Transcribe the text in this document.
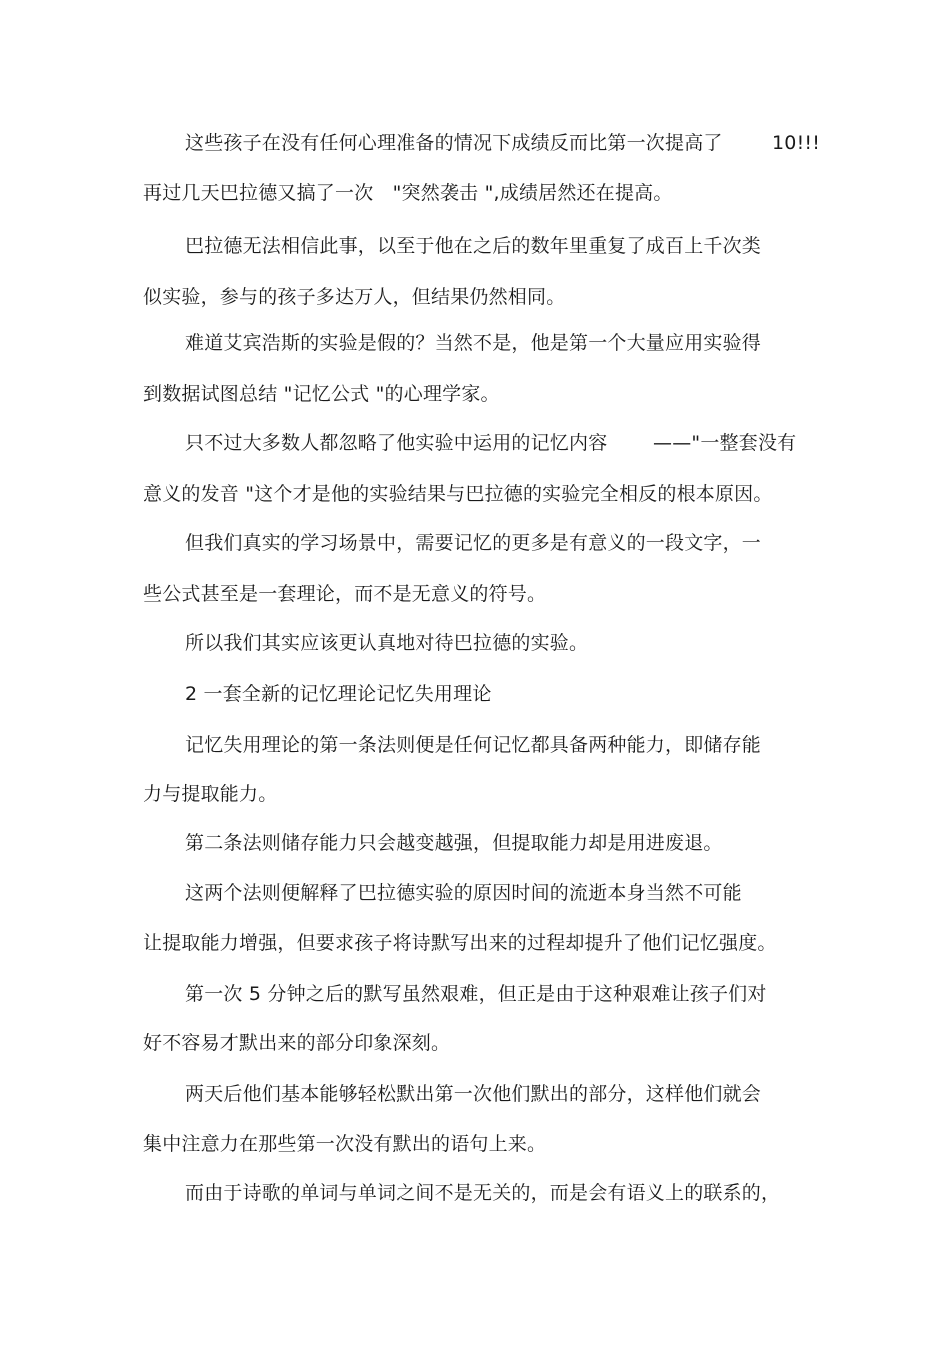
这些孩子在没有任何心理准备的情况下成绩反而比第一次提高了	10!!!
再过几天巴拉德又搞了一次　"突然袭击 ",成绩居然还在提高。
巴拉德无法相信此事，以至于他在之后的数年里重复了成百上千次类
似实验，参与的孩子多达万人，但结果仍然相同。
难道艾宾浩斯的实验是假的？当然不是，他是第一个大量应用实验得
到数据试图总结 "记忆公式 "的心理学家。
只不过大多数人都忽略了他实验中运用的记忆内容 ——"一整套没有
意义的发音 "这个才是他的实验结果与巴拉德的实验完全相反的根本原因。
但我们真实的学习场景中，需要记忆的更多是有意义的一段文字，一
些公式甚至是一套理论，而不是无意义的符号。
所以我们其实应该更认真地对待巴拉德的实验。
2 一套全新的记忆理论记忆失用理论
记忆失用理论的第一条法则便是任何记忆都具备两种能力，即储存能
力与提取能力。
第二条法则储存能力只会越变越强，但提取能力却是用进废退。
这两个法则便解释了巴拉德实验的原因时间的流逝本身当然不可能
让提取能力增强，但要求孩子将诗默写出来的过程却提升了他们记忆强度。
第一次 5 分钟之后的默写虽然艰难，但正是由于这种艰难让孩子们对
好不容易才默出来的部分印象深刻。
两天后他们基本能够轻松默出第一次他们默出的部分，这样他们就会
集中注意力在那些第一次没有默出的语句上来。
而由于诗歌的单词与单词之间不是无关的，而是会有语义上的联系的，
